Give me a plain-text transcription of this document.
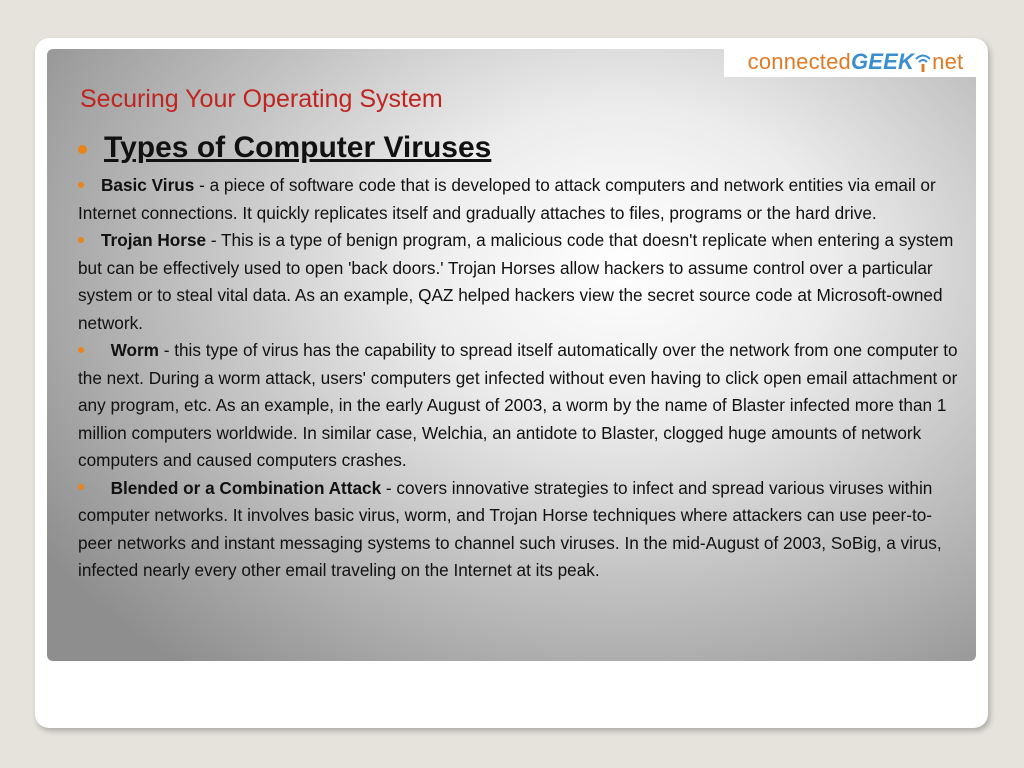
connected GEEK net
Securing Your Operating System
Types of Computer Viruses

Basic Virus - a piece of software code that is developed to attack computers and network entities via email or Internet connections. It quickly replicates itself and gradually attaches to files, programs or the hard drive.

Trojan Horse - This is a type of benign program, a malicious code that doesn't replicate when entering a system but can be effectively used to open 'back doors.' Trojan Horses allow hackers to assume control over a particular system or to steal vital data. As an example, QAZ helped hackers view the secret source code at Microsoft-owned network.

Worm - this type of virus has the capability to spread itself automatically over the network from one computer to the next. During a worm attack, users' computers get infected without even having to click open email attachment or any program, etc. As an example, in the early August of 2003, a worm by the name of Blaster infected more than 1 million computers worldwide. In similar case, Welchia, an antidote to Blaster, clogged huge amounts of network computers and caused computers crashes.

Blended or a Combination Attack - covers innovative strategies to infect and spread various viruses within computer networks. It involves basic virus, worm, and Trojan Horse techniques where attackers can use peer-to-peer networks and instant messaging systems to channel such viruses. In the mid-August of 2003, SoBig, a virus, infected nearly every other email traveling on the Internet at its peak.
